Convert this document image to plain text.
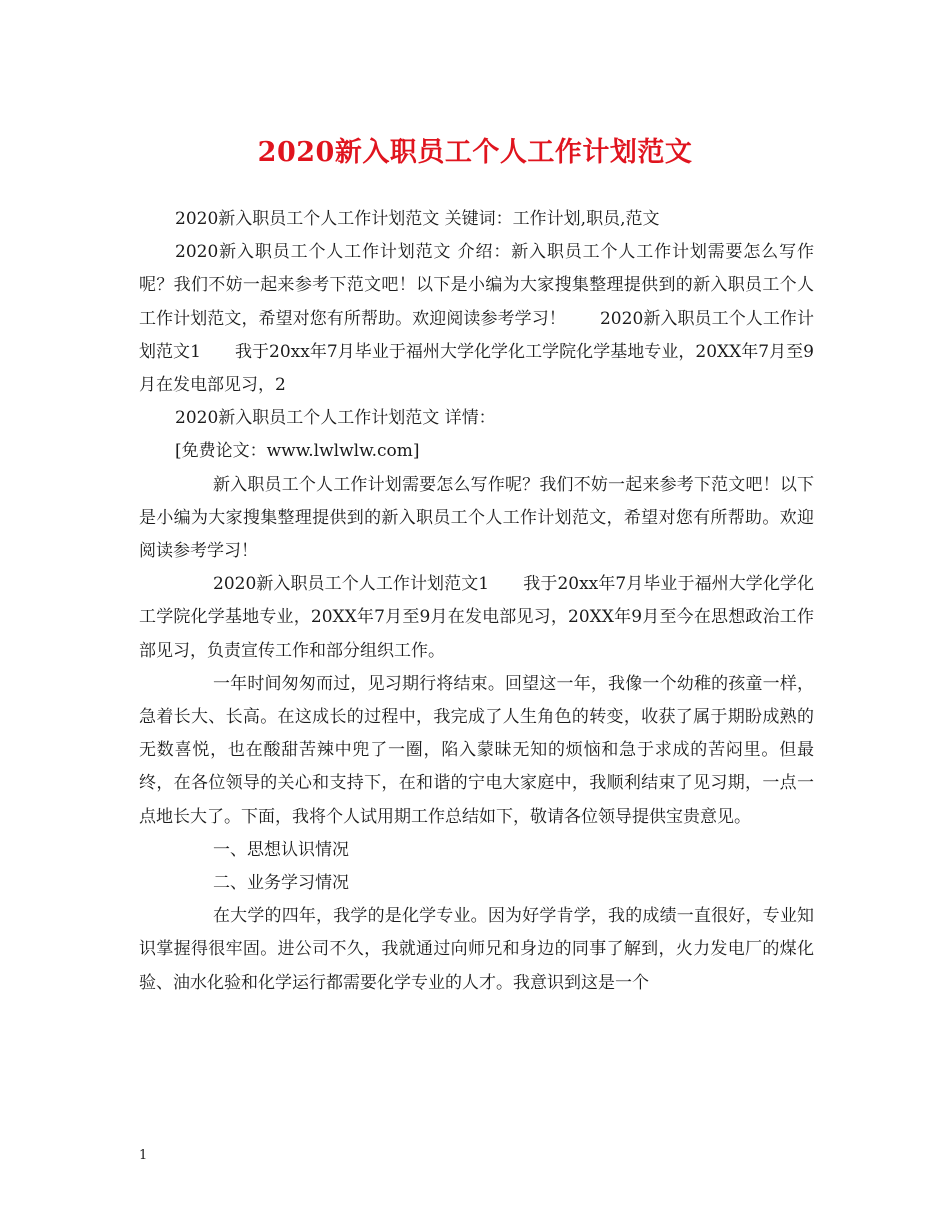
2020新入职员工个人工作计划范文

2020新入职员工个人工作计划范文 关键词：工作计划,职员,范文

2020新入职员工个人工作计划范文 介绍：新入职员工个人工作计划需要怎么写作呢？我们不妨一起来参考下范文吧！以下是小编为大家搜集整理提供到的新入职员工个人工作计划范文，希望对您有所帮助。欢迎阅读参考学习！　　2020新入职员工个人工作计划范文1　　我于20xx年7月毕业于福州大学化学化工学院化学基地专业，20XX年7月至9月在发电部见习，2

2020新入职员工个人工作计划范文 详情：

[免费论文：www.lwlwlw.com]

新入职员工个人工作计划需要怎么写作呢？我们不妨一起来参考下范文吧！以下是小编为大家搜集整理提供到的新入职员工个人工作计划范文，希望对您有所帮助。欢迎阅读参考学习！

2020新入职员工个人工作计划范文1　　我于20xx年7月毕业于福州大学化学化工学院化学基地专业，20XX年7月至9月在发电部见习，20XX年9月至今在思想政治工作部见习，负责宣传工作和部分组织工作。

一年时间匆匆而过，见习期行将结束。回望这一年，我像一个幼稚的孩童一样，急着长大、长高。在这成长的过程中，我完成了人生角色的转变，收获了属于期盼成熟的无数喜悦，也在酸甜苦辣中兜了一圈，陷入蒙昧无知的烦恼和急于求成的苦闷里。但最终，在各位领导的关心和支持下，在和谐的宁电大家庭中，我顺利结束了见习期，一点一点地长大了。下面，我将个人试用期工作总结如下，敬请各位领导提供宝贵意见。

一、思想认识情况

二、业务学习情况

在大学的四年，我学的是化学专业。因为好学肯学，我的成绩一直很好，专业知识掌握得很牢固。进公司不久，我就通过向师兄和身边的同事了解到，火力发电厂的煤化验、油水化验和化学运行都需要化学专业的人才。我意识到这是一个

1
